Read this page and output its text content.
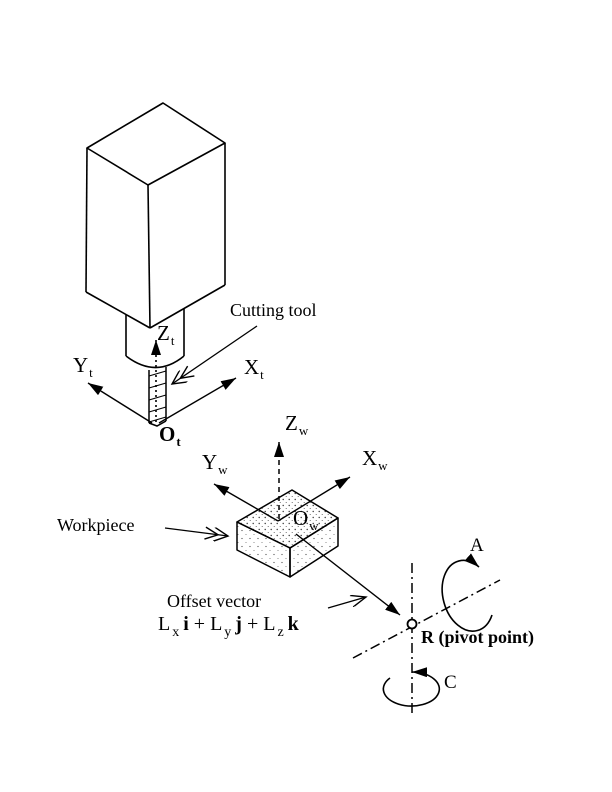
Cutting tool
$Z_t$
$Y_t$	$X_t$
$O_t$
$Z_w$
$Y_w$	$X_w$
$O_w$
Workpiece
Offset vector
L $_x$ i + L $_y$ j + L $_z$ k
A
R (pivot point)
C
